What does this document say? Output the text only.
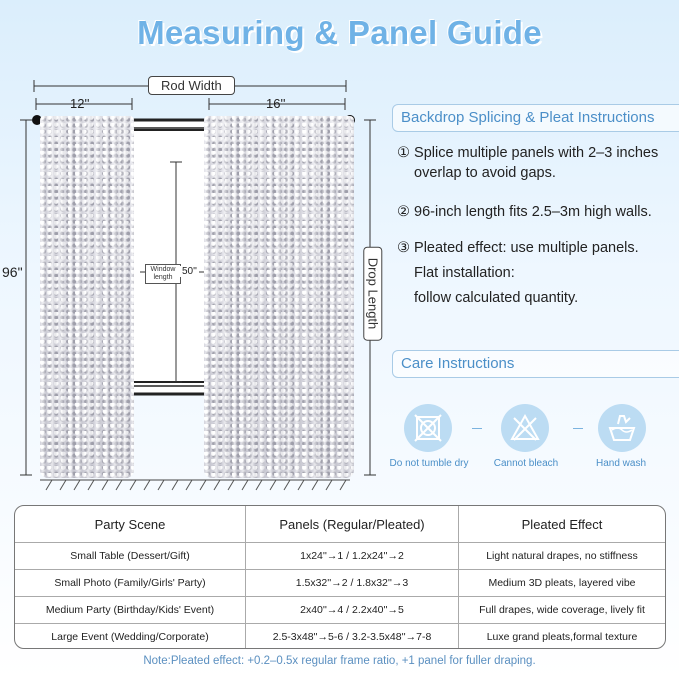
Measuring & Panel Guide
Rod Width
12''	16''
96"	Window length
50''	Drop Length
Backdrop Splicing & Pleat Instructions
① Splice multiple panels with 2–3 inches
overlap to avoid gaps.
② 96-inch length fits 2.5–3m high walls.
③ Pleated effect: use multiple panels.
Flat installation:
follow calculated quantity.
Care Instructions
Do not tumble dry	Cannot bleach	Hand wash
Party Scene	Panels (Regular/Pleated)	Pleated Effect
Small Table (Dessert/Gift)	1x24''→1 / 1.2x24''→2	Light natural drapes, no stiffness
Small Photo (Family/Girls' Party)	1.5x32''→2 / 1.8x32''→3	Medium 3D pleats, layered vibe
Medium Party (Birthday/Kids' Event)	2x40''→4 / 2.2x40''→5	Full drapes, wide coverage, lively fit
Large Event (Wedding/Corporate)	2.5-3x48''→5-6 / 3.2-3.5x48''→7-8	Luxe grand pleats,formal texture
Note:Pleated effect: +0.2–0.5x regular frame ratio, +1 panel for fuller draping.
